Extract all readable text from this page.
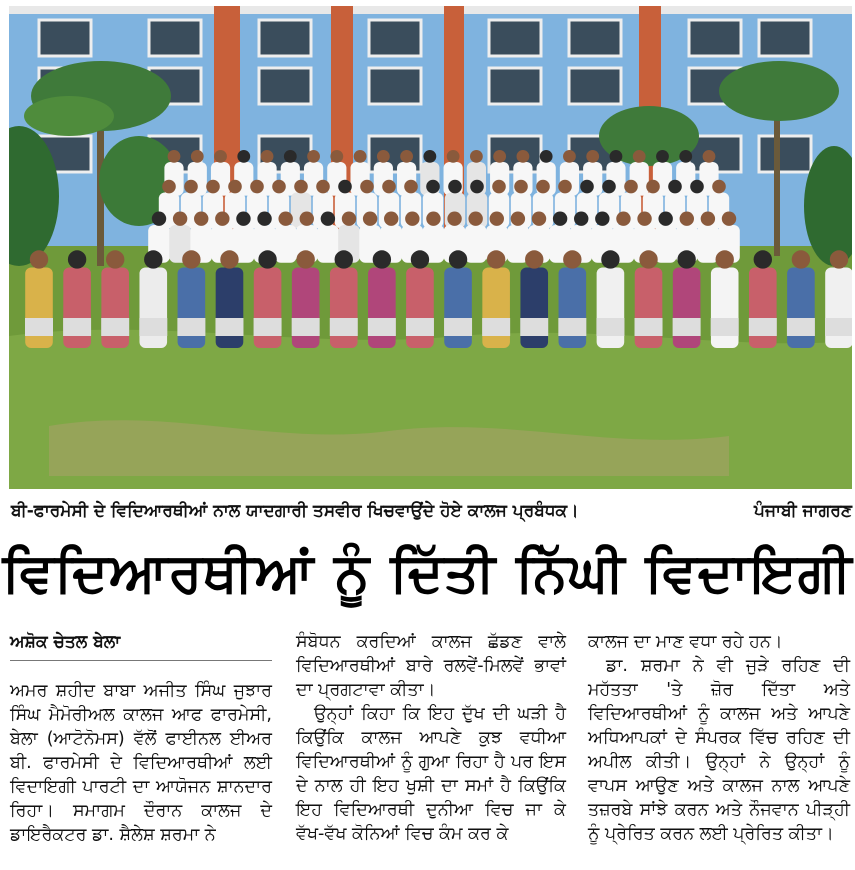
ਬੀ-ਫਾਰਮੇਸੀ ਦੇ ਵਿਦਿਆਰਥੀਆਂ ਨਾਲ ਯਾਦਗਾਰੀ ਤਸਵੀਰ ਖਿਚਵਾਉਂਦੇ ਹੋਏ ਕਾਲਜ ਪ੍ਰਬੰਧਕ।	ਪੰਜਾਬੀ ਜਾਗਰਣ
ਵਿਦਿਆਰਥੀਆਂ ਨੂੰ ਦਿੱਤੀ ਨਿੱਘੀ ਵਿਦਾਇਗੀ
ਅਸ਼ੋਕ ਚੇਤਲ ਬੇਲਾ

ਅਮਰ ਸ਼ਹੀਦ ਬਾਬਾ ਅਜੀਤ ਸਿੰਘ ਜੁਝਾਰ ਸਿੰਘ ਮੈਮੋਰੀਅਲ ਕਾਲਜ ਆਫ ਫਾਰਮੇਸੀ, ਬੇਲਾ (ਆਟੋਨੋਮਸ) ਵੱਲੋਂ ਫਾਈਨਲ ਈਅਰ ਬੀ. ਫਾਰਮੇਸੀ ਦੇ ਵਿਦਿਆਰਥੀਆਂ ਲਈ ਵਿਦਾਇਗੀ ਪਾਰਟੀ ਦਾ ਆਯੋਜਨ ਸ਼ਾਨਦਾਰ ਰਿਹਾ। ਸਮਾਗਮ ਦੌਰਾਨ ਕਾਲਜ ਦੇ ਡਾਇਰੈਕਟਰ ਡਾ. ਸ਼ੈਲੇਸ਼ ਸ਼ਰਮਾ ਨੇ

ਸੰਬੋਧਨ ਕਰਦਿਆਂ ਕਾਲਜ ਛੱਡਣ ਵਾਲੇ ਵਿਦਿਆਰਥੀਆਂ ਬਾਰੇ ਰਲਵੇਂ-ਮਿਲਵੇਂ ਭਾਵਾਂ ਦਾ ਪ੍ਰਗਟਾਵਾ ਕੀਤਾ।

ਉਨ੍ਹਾਂ ਕਿਹਾ ਕਿ ਇਹ ਦੁੱਖ ਦੀ ਘੜੀ ਹੈ ਕਿਉਂਕਿ ਕਾਲਜ ਆਪਣੇ ਕੁਝ ਵਧੀਆ ਵਿਦਿਆਰਥੀਆਂ ਨੂੰ ਗੁਆ ਰਿਹਾ ਹੈ ਪਰ ਇਸ ਦੇ ਨਾਲ ਹੀ ਇਹ ਖੁਸ਼ੀ ਦਾ ਸਮਾਂ ਹੈ ਕਿਉਂਕਿ ਇਹ ਵਿਦਿਆਰਥੀ ਦੁਨੀਆ ਵਿਚ ਜਾ ਕੇ ਵੱਖ-ਵੱਖ ਕੋਨਿਆਂ ਵਿਚ ਕੰਮ ਕਰ ਕੇ

ਕਾਲਜ ਦਾ ਮਾਣ ਵਧਾ ਰਹੇ ਹਨ।

ਡਾ. ਸ਼ਰਮਾ ਨੇ ਵੀ ਜੁੜੇ ਰਹਿਣ ਦੀ ਮਹੱਤਤਾ 'ਤੇ ਜ਼ੋਰ ਦਿੱਤਾ ਅਤੇ ਵਿਦਿਆਰਥੀਆਂ ਨੂੰ ਕਾਲਜ ਅਤੇ ਆਪਣੇ ਅਧਿਆਪਕਾਂ ਦੇ ਸੰਪਰਕ ਵਿੱਚ ਰਹਿਣ ਦੀ ਅਪੀਲ ਕੀਤੀ। ਉਨ੍ਹਾਂ ਨੇ ਉਨ੍ਹਾਂ ਨੂੰ ਵਾਪਸ ਆਉਣ ਅਤੇ ਕਾਲਜ ਨਾਲ ਆਪਣੇ ਤਜ਼ਰਬੇ ਸਾਂਝੇ ਕਰਨ ਅਤੇ ਨੌਜਵਾਨ ਪੀੜ੍ਹੀ ਨੂੰ ਪ੍ਰੇਰਿਤ ਕਰਨ ਲਈ ਪ੍ਰੇਰਿਤ ਕੀਤਾ।
